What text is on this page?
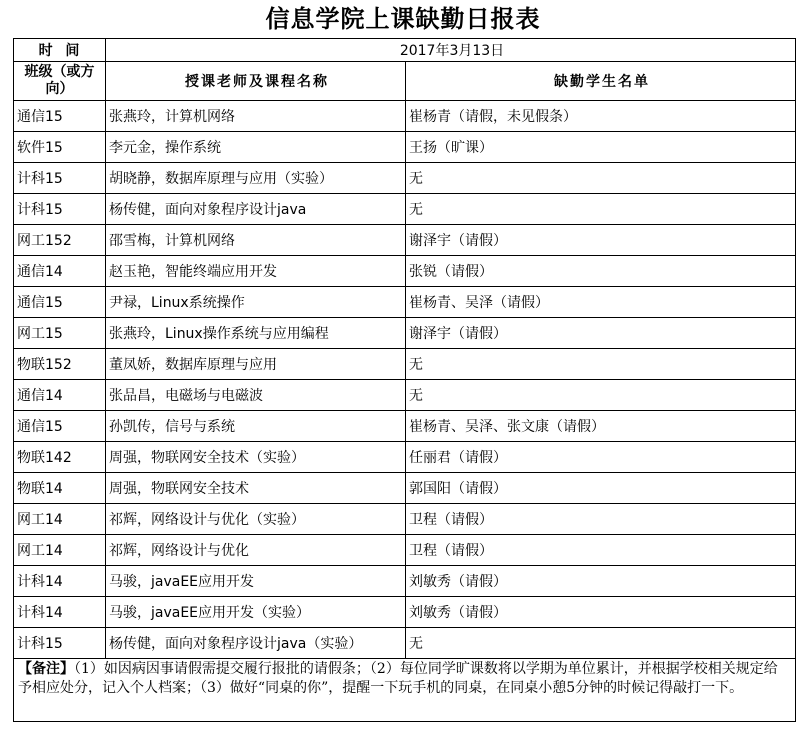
信息学院上课缺勤日报表
时 间	2017年3月13日	
班级（或方向）	授课老师及课程名称	缺勤学生名单
通信15	张燕玲，计算机网络	崔杨青（请假，未见假条）
软件15	李元金，操作系统	王扬（旷课）
计科15	胡晓静，数据库原理与应用（实验）	无
计科15	杨传健，面向对象程序设计java	无
网工152	邵雪梅，计算机网络	谢泽宇（请假）
通信14	赵玉艳，智能终端应用开发	张锐（请假）
通信15	尹禄，Linux系统操作	崔杨青、吴泽（请假）
网工15	张燕玲，Linux操作系统与应用编程	谢泽宇（请假）
物联152	董凤娇，数据库原理与应用	无
通信14	张品昌，电磁场与电磁波	无
通信15	孙凯传，信号与系统	崔杨青、吴泽、张文康（请假）
物联142	周强，物联网安全技术（实验）	任丽君（请假）
物联14	周强，物联网安全技术	郭国阳（请假）
网工14	祁辉，网络设计与优化（实验）	卫程（请假）
网工14	祁辉，网络设计与优化	卫程（请假）
计科14	马骏，javaEE应用开发	刘敏秀（请假）
计科14	马骏，javaEE应用开发（实验）	刘敏秀（请假）
计科15	杨传健，面向对象程序设计java（实验）	无
【备注】（1）如因病因事请假需提交履行报批的请假条；（2）每位同学旷课数将以学期为单位累计，并根据学校相关规定给予相应处分，记入个人档案；（3）做好“同桌的你”，提醒一下玩手机的同桌，在同桌小憩5分钟的时候记得敲打一下。		
